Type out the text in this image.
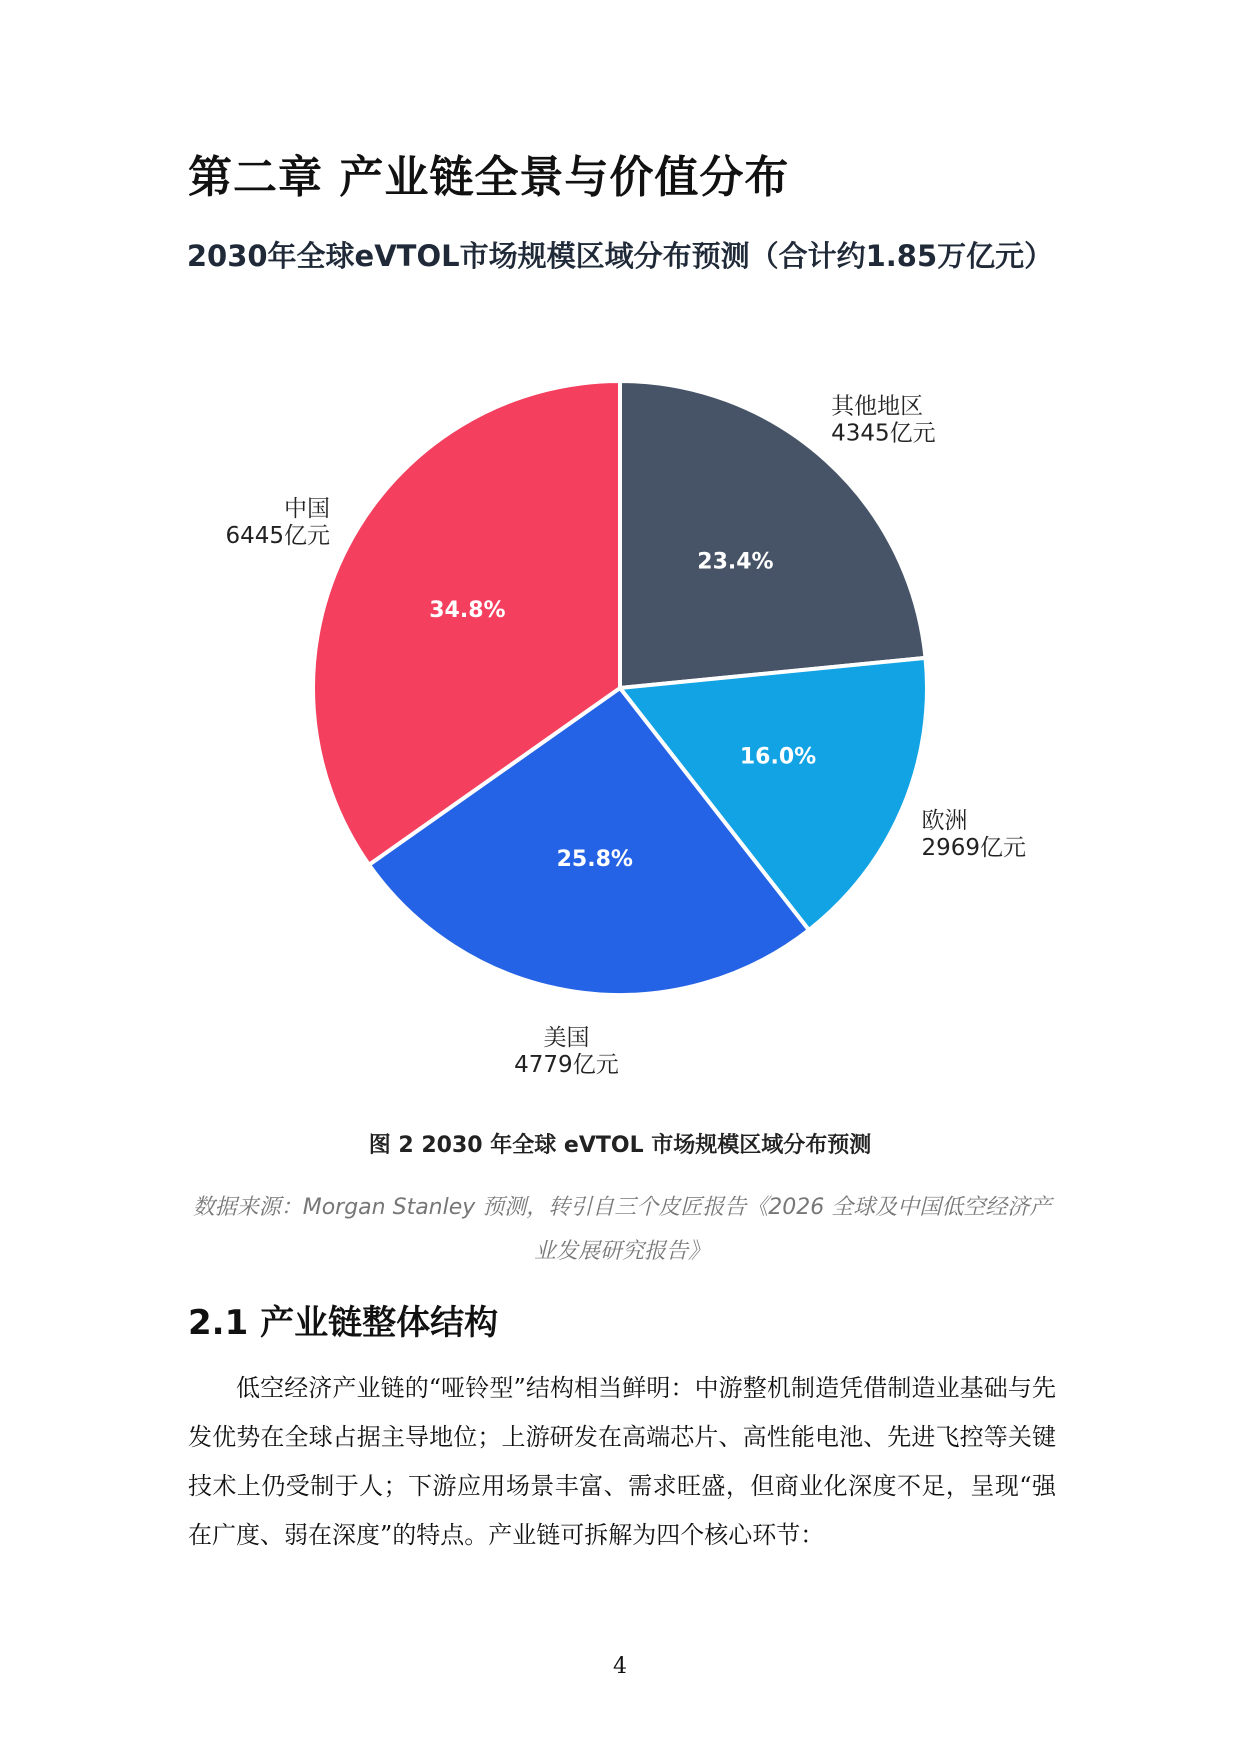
第二章 产业链全景与价值分布
2030年全球eVTOL市场规模区域分布预测（合计约1.85万亿元）
23.4%
16.0%
25.8%
34.8%
其他地区 4345亿元
欧洲 2969亿元
美国 4779亿元
中国 6445亿元
图 2 2030 年全球 eVTOL 市场规模区域分布预测
数据来源：Morgan Stanley 预测，转引自三个皮匠报告《2026 全球及中国低空经济产业发展研究报告》
2.1 产业链整体结构

低空经济产业链的“哑铃型”结构相当鲜明：中游整机制造凭借制造业基础与先发优势在全球占据主导地位；上游研发在高端芯片、高性能电池、先进飞控等关键技术上仍受制于人；下游应用场景丰富、需求旺盛，但商业化深度不足，呈现“强在广度、弱在深度”的特点。产业链可拆解为四个核心环节：

4
